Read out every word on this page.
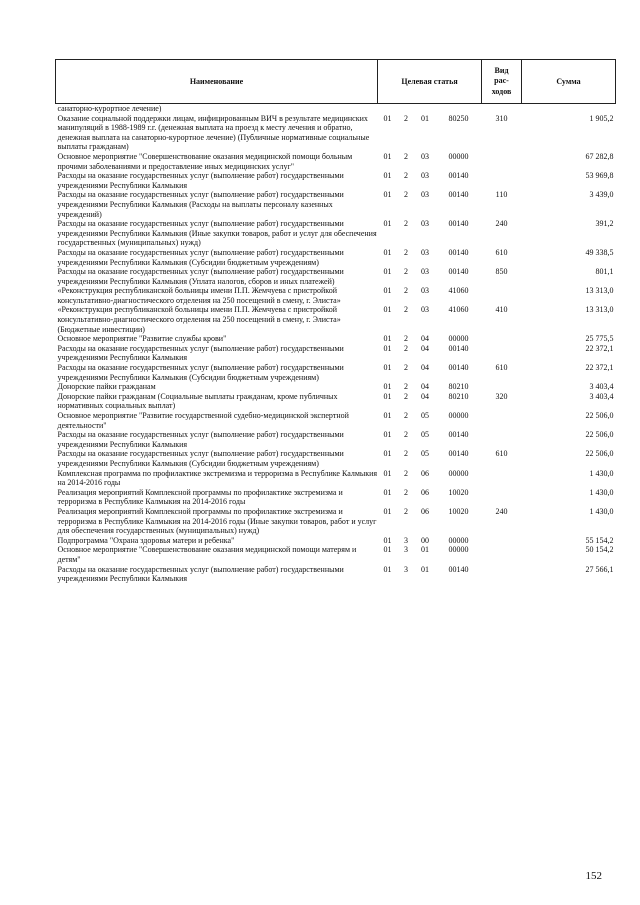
Наименование	Целевая статья				Вид
рас-
ходов	Сумма
санаторно-курортное лечение)						
Оказание социальной поддержки лицам, инфицированным ВИЧ в результате медицинских манипуляций в 1988-1989 г.г. (денежная выплата на проезд к месту лечения и обратно, денежная выплата на санаторно-курортное лечение) (Публичные нормативные социальные выплаты гражданам)	01	2	01	80250	310	1 905,2
Основное мероприятие "Совершенствование оказания медицинской помощи больным прочими заболеваниями и предоставление иных медицинских услуг"	01	2	03	00000		67 282,8
Расходы на оказание государственных услуг (выполнение работ) государственными учреждениями Республики Калмыкия	01	2	03	00140		53 969,8
Расходы на оказание государственных услуг (выполнение работ) государственными учреждениями Республики Калмыкия (Расходы на выплаты персоналу казенных учреждений)	01	2	03	00140	110	3 439,0
Расходы на оказание государственных услуг (выполнение работ) государственными учреждениями Республики Калмыкия (Иные закупки товаров, работ и услуг для обеспечения государственных (муниципальных) нужд)	01	2	03	00140	240	391,2
Расходы на оказание государственных услуг (выполнение работ) государственными учреждениями Республики Калмыкия (Субсидии бюджетным учреждениям)	01	2	03	00140	610	49 338,5
Расходы на оказание государственных услуг (выполнение работ) государственными учреждениями Республики Калмыкия (Уплата налогов, сборов и иных платежей)	01	2	03	00140	850	801,1
«Реконструкция республиканской больницы имени П.П. Жемчуева с пристройкой консультативно-диагностического отделения на 250 посещений в смену, г. Элиста»	01	2	03	41060		13 313,0
«Реконструкция республиканской больницы имени П.П. Жемчуева с пристройкой консультативно-диагностического отделения на 250 посещений в смену, г. Элиста» (Бюджетные инвестиции)	01	2	03	41060	410	13 313,0
Основное мероприятие "Развитие службы крови"	01	2	04	00000		25 775,5
Расходы на оказание государственных услуг (выполнение работ) государственными учреждениями Республики Калмыкия	01	2	04	00140		22 372,1
Расходы на оказание государственных услуг (выполнение работ) государственными учреждениями Республики Калмыкия (Субсидии бюджетным учреждениям)	01	2	04	00140	610	22 372,1
Донорские пайки гражданам	01	2	04	80210		3 403,4
Донорские пайки гражданам (Социальные выплаты гражданам, кроме публичных нормативных социальных выплат)	01	2	04	80210	320	3 403,4
Основное мероприятие "Развитие государственной судебно-медицинской экспертной деятельности"	01	2	05	00000		22 506,0
Расходы на оказание государственных услуг (выполнение работ) государственными учреждениями Республики Калмыкия	01	2	05	00140		22 506,0
Расходы на оказание государственных услуг (выполнение работ) государственными учреждениями Республики Калмыкия (Субсидии бюджетным учреждениям)	01	2	05	00140	610	22 506,0
Комплексная программа по профилактике экстремизма и терроризма в Республике Калмыкия на 2014-2016 годы	01	2	06	00000		1 430,0
Реализация мероприятий Комплексной программы по профилактике экстремизма и терроризма в Республике Калмыкия на 2014-2016 годы	01	2	06	10020		1 430,0
Реализация мероприятий Комплексной программы по профилактике экстремизма и терроризма в Республике Калмыкия на 2014-2016 годы (Иные закупки товаров, работ и услуг для обеспечения государственных (муниципальных) нужд)	01	2	06	10020	240	1 430,0
Подпрограмма "Охрана здоровья матери и ребенка"	01	3	00	00000		55 154,2
Основное мероприятие "Совершенствование оказания медицинской помощи матерям и детям"	01	3	01	00000		50 154,2
Расходы на оказание государственных услуг (выполнение работ) государственными учреждениями Республики Калмыкия	01	3	01	00140		27 566,1
152
